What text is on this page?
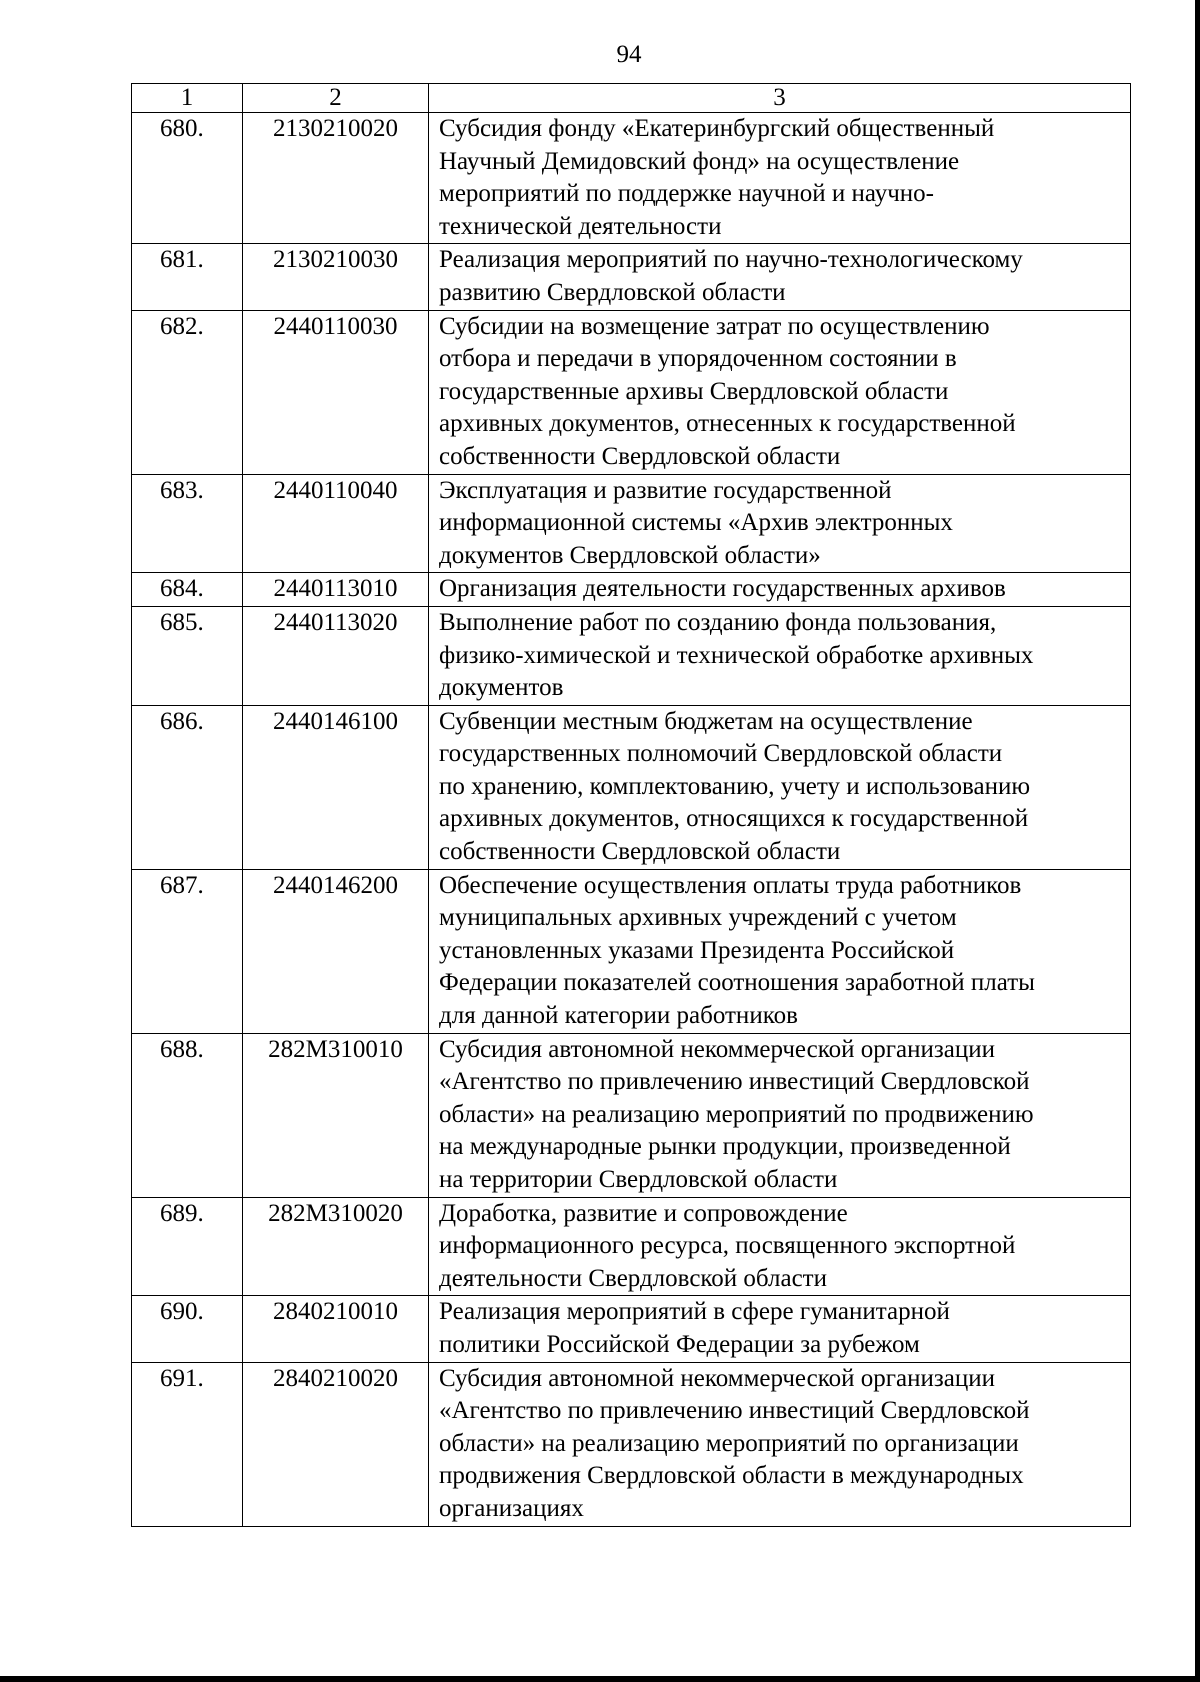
94
1	2	3
680.	2130210020	Субсидия фонду «Екатеринбургский общественный
Научный Демидовский фонд» на осуществление
мероприятий по поддержке научной и научно-
технической деятельности

681.	2130210030	Реализация мероприятий по научно-технологическому
развитию Свердловской области

682.	2440110030	Субсидии на возмещение затрат по осуществлению
отбора и передачи в упорядоченном состоянии в
государственные архивы Свердловской области
архивных документов, отнесенных к государственной
собственности Свердловской области

683.	2440110040	Эксплуатация и развитие государственной
информационной системы «Архив электронных
документов Свердловской области»

684.	2440113010	Организация деятельности государственных архивов

685.	2440113020	Выполнение работ по созданию фонда пользования,
физико-химической и технической обработке архивных
документов

686.	2440146100	Субвенции местным бюджетам на осуществление
государственных полномочий Свердловской области
по хранению, комплектованию, учету и использованию
архивных документов, относящихся к государственной
собственности Свердловской области

687.	2440146200	Обеспечение осуществления оплаты труда работников
муниципальных архивных учреждений с учетом
установленных указами Президента Российской
Федерации показателей соотношения заработной платы
для данной категории работников

688.	282M310010	Субсидия автономной некоммерческой организации
«Агентство по привлечению инвестиций Свердловской
области» на реализацию мероприятий по продвижению
на международные рынки продукции, произведенной
на территории Свердловской области

689.	282M310020	Доработка, развитие и сопровождение
информационного ресурса, посвященного экспортной
деятельности Свердловской области

690.	2840210010	Реализация мероприятий в сфере гуманитарной
политики Российской Федерации за рубежом

691.	2840210020	Субсидия автономной некоммерческой организации
«Агентство по привлечению инвестиций Свердловской
области» на реализацию мероприятий по организации
продвижения Свердловской области в международных
организациях
